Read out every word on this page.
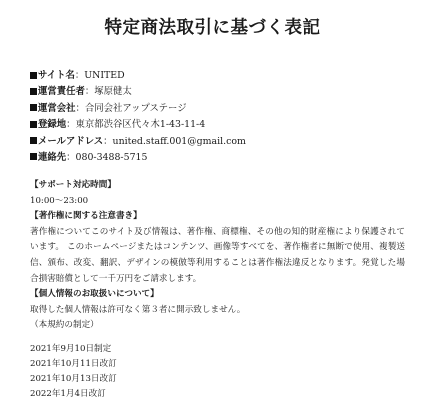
特定商法取引に基づく表記
サイト名：UNITED
運営責任者：塚原健太
運営会社：合同会社アップステージ
登録地：東京都渋谷区代々木1-43-11-4
メールアドレス：united.staff.001@gmail.com
連絡先：080-3488-5715
【サポート対応時間】
10:00～23:00
【著作権に関する注意書き】
著作権についてこのサイト及び情報は、著作権、商標権、その他の知的財産権により保護されています。 このホームページまたはコンテンツ、画像等すべてを、著作権者に無断で使用、複製送信、頒布、改変、翻訳、デザインの模倣等利用することは著作権法違反となります。発覚した場合損害賠償として一千万円をご請求します。
【個人情報のお取扱いについて】
取得した個人情報は許可なく第３者に開示致しません。
（本規約の制定）
2021年9月10日制定
2021年10月11日改訂
2021年10月13日改訂
2022年1月4日改訂
